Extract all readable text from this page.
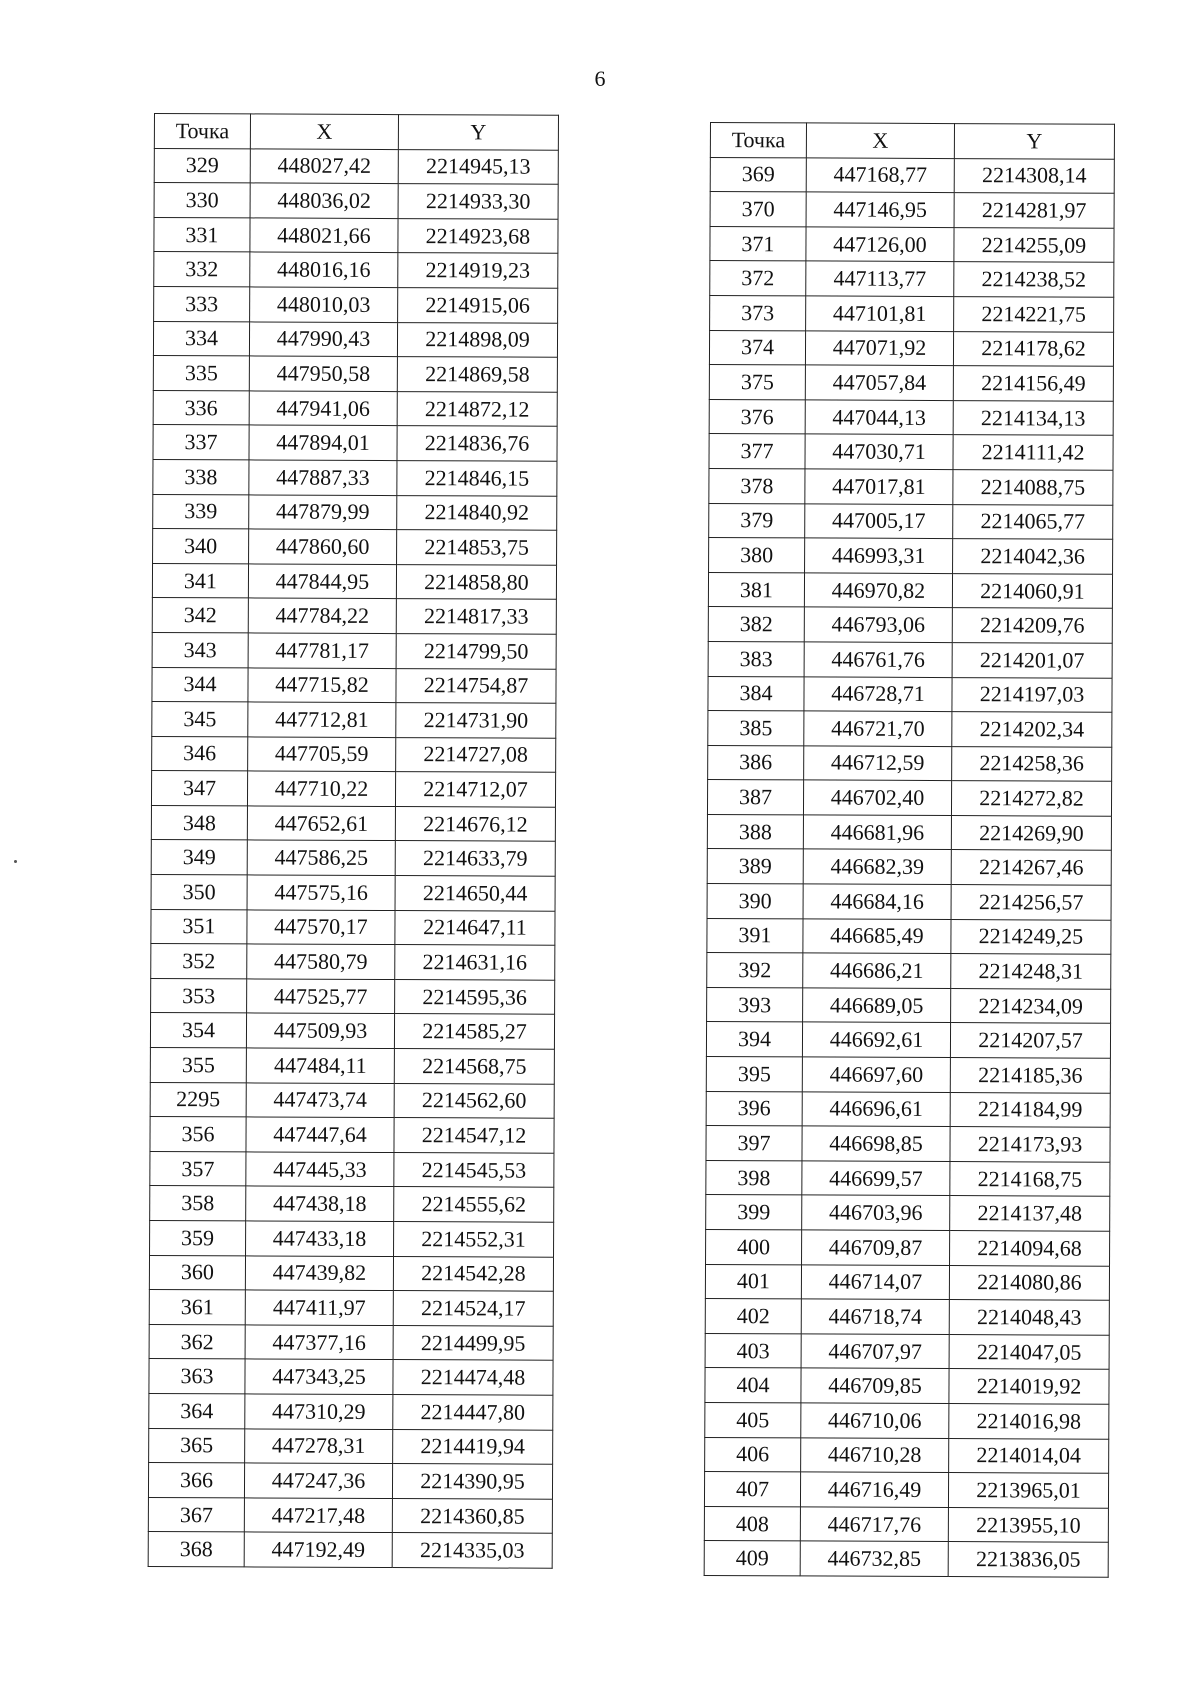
6
Точка	X	Y
329	448027,42	2214945,13
330	448036,02	2214933,30
331	448021,66	2214923,68
332	448016,16	2214919,23
333	448010,03	2214915,06
334	447990,43	2214898,09
335	447950,58	2214869,58
336	447941,06	2214872,12
337	447894,01	2214836,76
338	447887,33	2214846,15
339	447879,99	2214840,92
340	447860,60	2214853,75
341	447844,95	2214858,80
342	447784,22	2214817,33
343	447781,17	2214799,50
344	447715,82	2214754,87
345	447712,81	2214731,90
346	447705,59	2214727,08
347	447710,22	2214712,07
348	447652,61	2214676,12
349	447586,25	2214633,79
350	447575,16	2214650,44
351	447570,17	2214647,11
352	447580,79	2214631,16
353	447525,77	2214595,36
354	447509,93	2214585,27
355	447484,11	2214568,75
2295	447473,74	2214562,60
356	447447,64	2214547,12
357	447445,33	2214545,53
358	447438,18	2214555,62
359	447433,18	2214552,31
360	447439,82	2214542,28
361	447411,97	2214524,17
362	447377,16	2214499,95
363	447343,25	2214474,48
364	447310,29	2214447,80
365	447278,31	2214419,94
366	447247,36	2214390,95
367	447217,48	2214360,85
368	447192,49	2214335,03
Точка	X	Y
369	447168,77	2214308,14
370	447146,95	2214281,97
371	447126,00	2214255,09
372	447113,77	2214238,52
373	447101,81	2214221,75
374	447071,92	2214178,62
375	447057,84	2214156,49
376	447044,13	2214134,13
377	447030,71	2214111,42
378	447017,81	2214088,75
379	447005,17	2214065,77
380	446993,31	2214042,36
381	446970,82	2214060,91
382	446793,06	2214209,76
383	446761,76	2214201,07
384	446728,71	2214197,03
385	446721,70	2214202,34
386	446712,59	2214258,36
387	446702,40	2214272,82
388	446681,96	2214269,90
389	446682,39	2214267,46
390	446684,16	2214256,57
391	446685,49	2214249,25
392	446686,21	2214248,31
393	446689,05	2214234,09
394	446692,61	2214207,57
395	446697,60	2214185,36
396	446696,61	2214184,99
397	446698,85	2214173,93
398	446699,57	2214168,75
399	446703,96	2214137,48
400	446709,87	2214094,68
401	446714,07	2214080,86
402	446718,74	2214048,43
403	446707,97	2214047,05
404	446709,85	2214019,92
405	446710,06	2214016,98
406	446710,28	2214014,04
407	446716,49	2213965,01
408	446717,76	2213955,10
409	446732,85	2213836,05
